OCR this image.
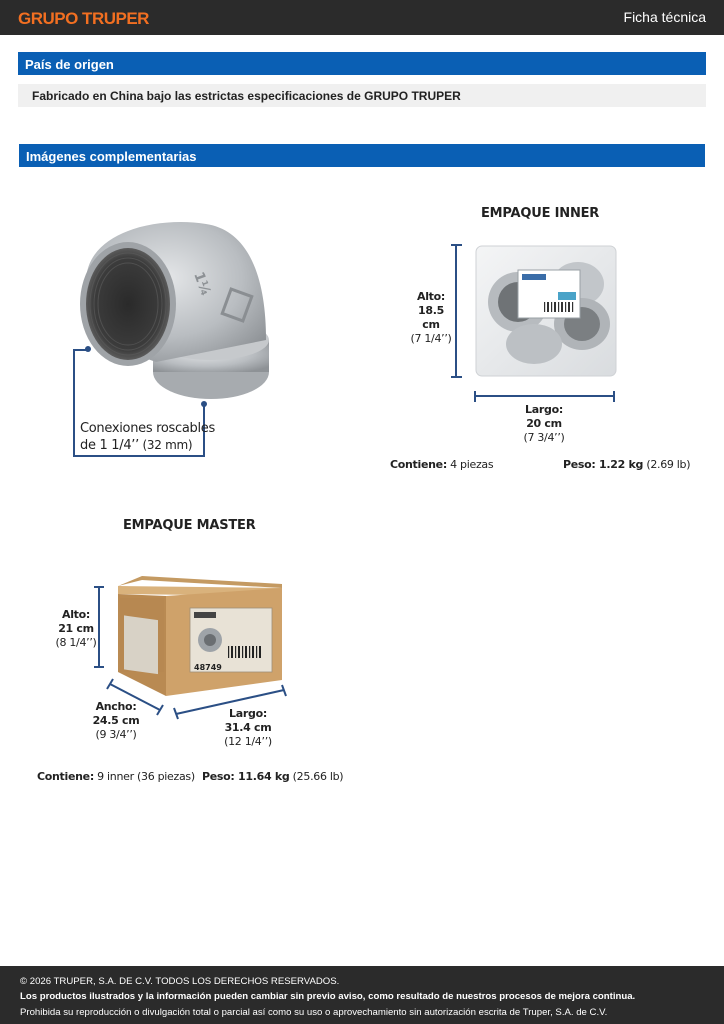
GRUPO TRUPER	Ficha técnica
País de origen
Fabricado en China bajo las estrictas especificaciones de GRUPO TRUPER
Imágenes complementarias
1¼
Conexiones roscables
de 1 1/4’’ (32 mm)
EMPAQUE INNER
Alto:
18.5 cm
(7 1/4’’)
Largo:
20 cm
(7 3/4’’)
Contiene: 4 piezas	Peso: 1.22 kg (2.69 lb)
EMPAQUE MASTER
48749
Alto:
21 cm
(8 1/4’’)
Ancho:
24.5 cm
(9 3/4’’)
Largo:
31.4 cm
(12 1/4’’)
Contiene: 9 inner (36 piezas) Peso: 11.64 kg (25.66 lb)
© 2026 TRUPER, S.A. DE C.V. TODOS LOS DERECHOS RESERVADOS.
Los productos ilustrados y la información pueden cambiar sin previo aviso, como resultado de nuestros procesos de mejora continua.
Prohibida su reproducción o divulgación total o parcial así como su uso o aprovechamiento sin autorización escrita de Truper, S.A. de C.V.
